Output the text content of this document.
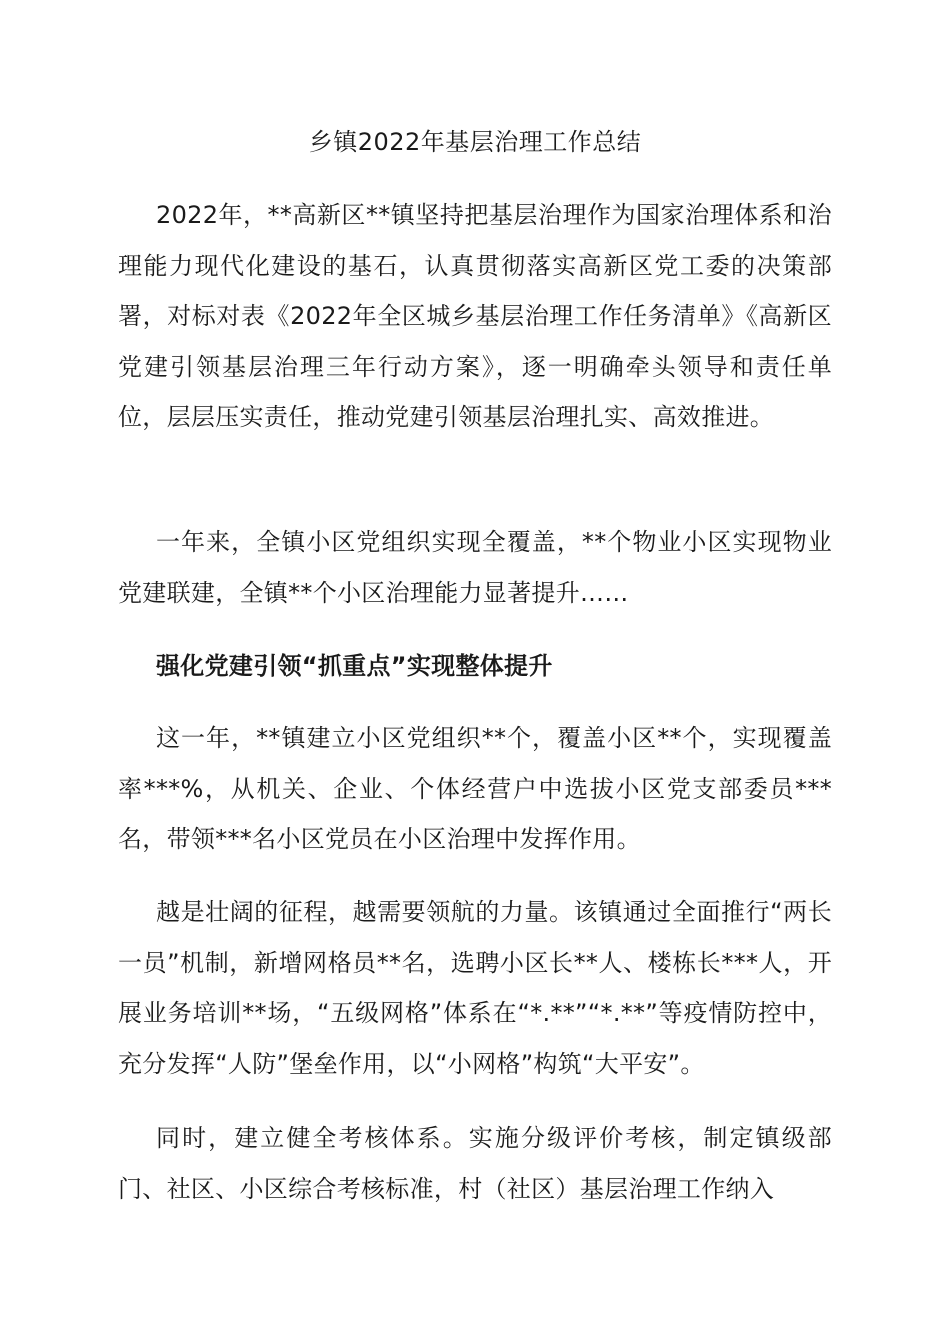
乡镇2022年基层治理工作总结

2022年，**高新区**镇坚持把基层治理作为国家治理体系和治理能力现代化建设的基石，认真贯彻落实高新区党工委的决策部署，对标对表《2022年全区城乡基层治理工作任务清单》《高新区党建引领基层治理三年行动方案》，逐一明确牵头领导和责任单位，层层压实责任，推动党建引领基层治理扎实、高效推进。

一年来，全镇小区党组织实现全覆盖，**个物业小区实现物业党建联建，全镇**个小区治理能力显著提升……

强化党建引领“抓重点”实现整体提升

这一年，**镇建立小区党组织**个，覆盖小区**个，实现覆盖率***%，从机关、企业、个体经营户中选拔小区党支部委员***名，带领***名小区党员在小区治理中发挥作用。

越是壮阔的征程，越需要领航的力量。该镇通过全面推行“两长一员”机制，新增网格员**名，选聘小区长**人、楼栋长***人，开展业务培训**场，“五级网格”体系在“*.**”“*.**”等疫情防控中，充分发挥“人防”堡垒作用，以“小网格”构筑“大平安”。

同时，建立健全考核体系。实施分级评价考核，制定镇级部门、社区、小区综合考核标准，村（社区）基层治理工作纳入
